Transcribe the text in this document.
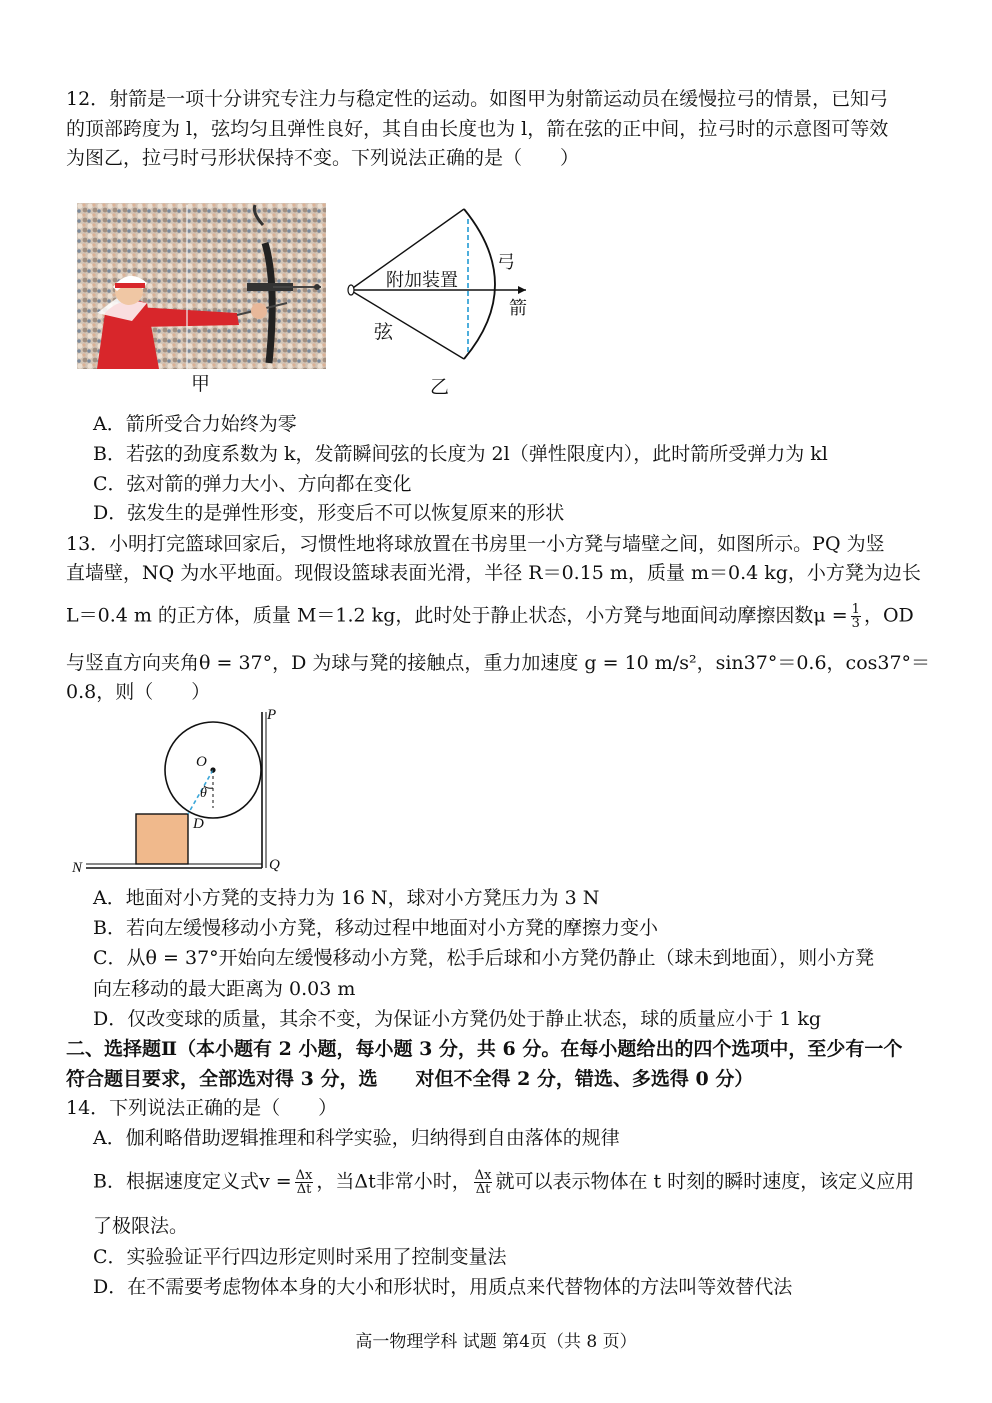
12．射箭是一项十分讲究专注力与稳定性的运动。如图甲为射箭运动员在缓慢拉弓的情景，已知弓
的顶部跨度为 l，弦均匀且弹性良好，其自由长度也为 l，箭在弦的正中间，拉弓时的示意图可等效
为图乙，拉弓时弓形状保持不变。下列说法正确的是（　　）
甲
附加装置
弓
箭
弦
乙
A．箭所受合力始终为零
B．若弦的劲度系数为 k，发箭瞬间弦的长度为 2l（弹性限度内），此时箭所受弹力为 kl
C．弦对箭的弹力大小、方向都在变化
D．弦发生的是弹性形变，形变后不可以恢复原来的形状
13．小明打完篮球回家后，习惯性地将球放置在书房里一小方凳与墙壁之间，如图所示。PQ 为竖
直墙壁，NQ 为水平地面。现假设篮球表面光滑，半径 R＝0.15 m，质量 m＝0.4 kg，小方凳为边长
L＝0.4 m 的正方体，质量 M＝1.2 kg，此时处于静止状态，小方凳与地面间动摩擦因数$\mu = \frac{1}{3}$ ，OD
与竖直方向夹角θ = 37°，D 为球与凳的接触点，重力加速度 g = 10 m/s²，sin37°＝0.6，cos37°＝
0.8，则（　　）
P
Q
N
O
θ
D
A．地面对小方凳的支持力为 16 N，球对小方凳压力为 3 N
B．若向左缓慢移动小方凳，移动过程中地面对小方凳的摩擦力变小
C．从θ = 37°开始向左缓慢移动小方凳，松手后球和小方凳仍静止（球未到地面），则小方凳
向左移动的最大距离为 0.03 m
D．仅改变球的质量，其余不变，为保证小方凳仍处于静止状态，球的质量应小于 1 kg
二、选择题Ⅱ（本小题有 2 小题，每小题 3 分，共 6 分。在每小题给出的四个选项中，至少有一个
符合题目要求，全部选对得 3 分，选　　对但不全得 2 分，错选、多选得 0 分）
14．下列说法正确的是（　　）
A．伽利略借助逻辑推理和科学实验，归纳得到自由落体的规律
B．根据速度定义式$v = \frac{\Delta x}{\Delta t}$ ，当Δt非常小时， $\frac{\Delta x}{\Delta t}$ 就可以表示物体在 t 时刻的瞬时速度，该定义应用
了极限法。
C．实验验证平行四边形定则时采用了控制变量法
D．在不需要考虑物体本身的大小和形状时，用质点来代替物体的方法叫等效替代法
高一物理学科 试题 第4页（共 8 页）
